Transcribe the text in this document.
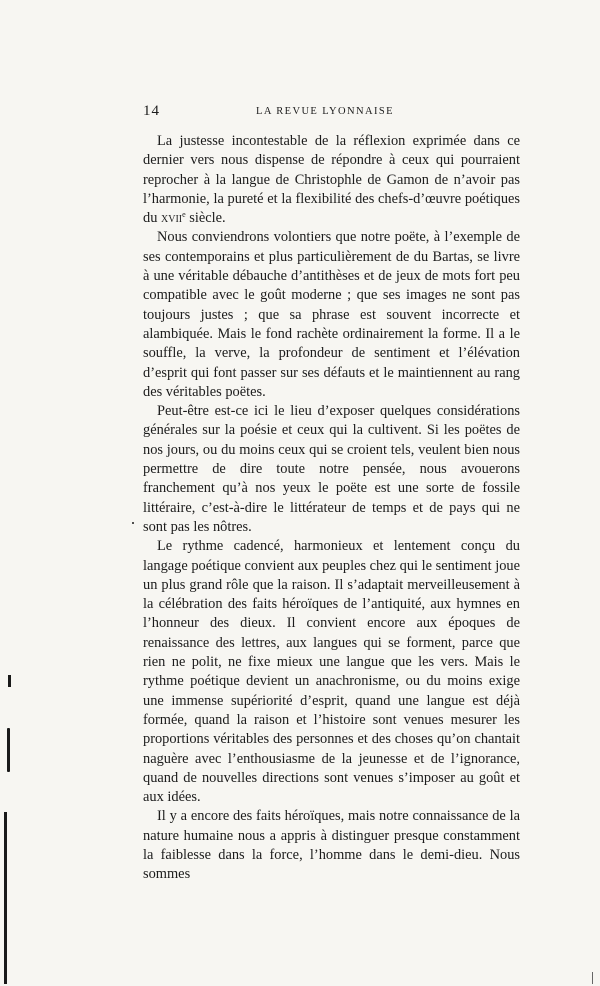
14	LA REVUE LYONNAISE

La justesse incontestable de la réflexion exprimée dans ce dernier vers nous dispense de répondre à ceux qui pourraient reprocher à la langue de Christophle de Gamon de n’avoir pas l’harmonie, la pureté et la flexibilité des chefs-d’œuvre poétiques du xvii$^e$ siècle.

Nous conviendrons volontiers que notre poëte, à l’exemple de ses contemporains et plus particulièrement de du Bartas, se livre à une véritable débauche d’antithèses et de jeux de mots fort peu compatible avec le goût moderne ; que ses images ne sont pas toujours justes ; que sa phrase est souvent incorrecte et alambiquée. Mais le fond rachète ordinairement la forme. Il a le souffle, la verve, la profondeur de sentiment et l’élévation d’esprit qui font passer sur ses défauts et le maintiennent au rang des véritables poëtes.

Peut-être est-ce ici le lieu d’exposer quelques considérations générales sur la poésie et ceux qui la cultivent. Si les poëtes de nos jours, ou du moins ceux qui se croient tels, veulent bien nous permettre de dire toute notre pensée, nous avouerons franchement qu’à nos yeux le poëte est une sorte de fossile littéraire, c’est-à-dire le littérateur de temps et de pays qui ne sont pas les nôtres.

Le rythme cadencé, harmonieux et lentement conçu du langage poétique convient aux peuples chez qui le sentiment joue un plus grand rôle que la raison. Il s’adaptait merveilleusement à la célébration des faits héroïques de l’antiquité, aux hymnes en l’honneur des dieux. Il convient encore aux époques de renaissance des lettres, aux langues qui se forment, parce que rien ne polit, ne fixe mieux une langue que les vers. Mais le rythme poétique devient un anachronisme, ou du moins exige une immense supériorité d’esprit, quand une langue est déjà formée, quand la raison et l’histoire sont venues mesurer les proportions véritables des personnes et des choses qu’on chantait naguère avec l’enthousiasme de la jeunesse et de l’ignorance, quand de nouvelles directions sont venues s’imposer au goût et aux idées.

Il y a encore des faits héroïques, mais notre connaissance de la nature humaine nous a appris à distinguer presque constamment la faiblesse dans la force, l’homme dans le demi-dieu. Nous sommes
